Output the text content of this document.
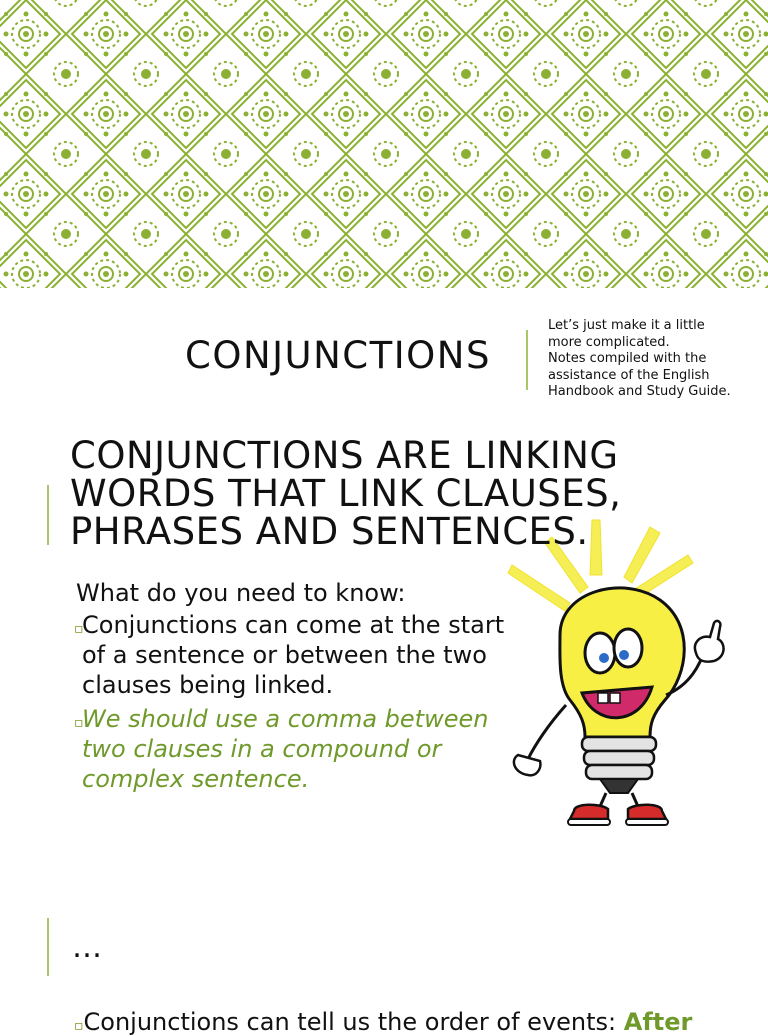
CONJUNCTIONS
Let’s just make it a little
more complicated.
Notes compiled with the
assistance of the English
Handbook and Study Guide.
CONJUNCTIONS ARE LINKING WORDS THAT LINK CLAUSES, PHRASES AND SENTENCES.
What do you need to know:
▫
Conjunctions can come at the start of a sentence or between the two clauses being linked.
▫
We should use a comma between two clauses in a compound or complex sentence.
…
▫Conjunctions can tell us the order of events: After
